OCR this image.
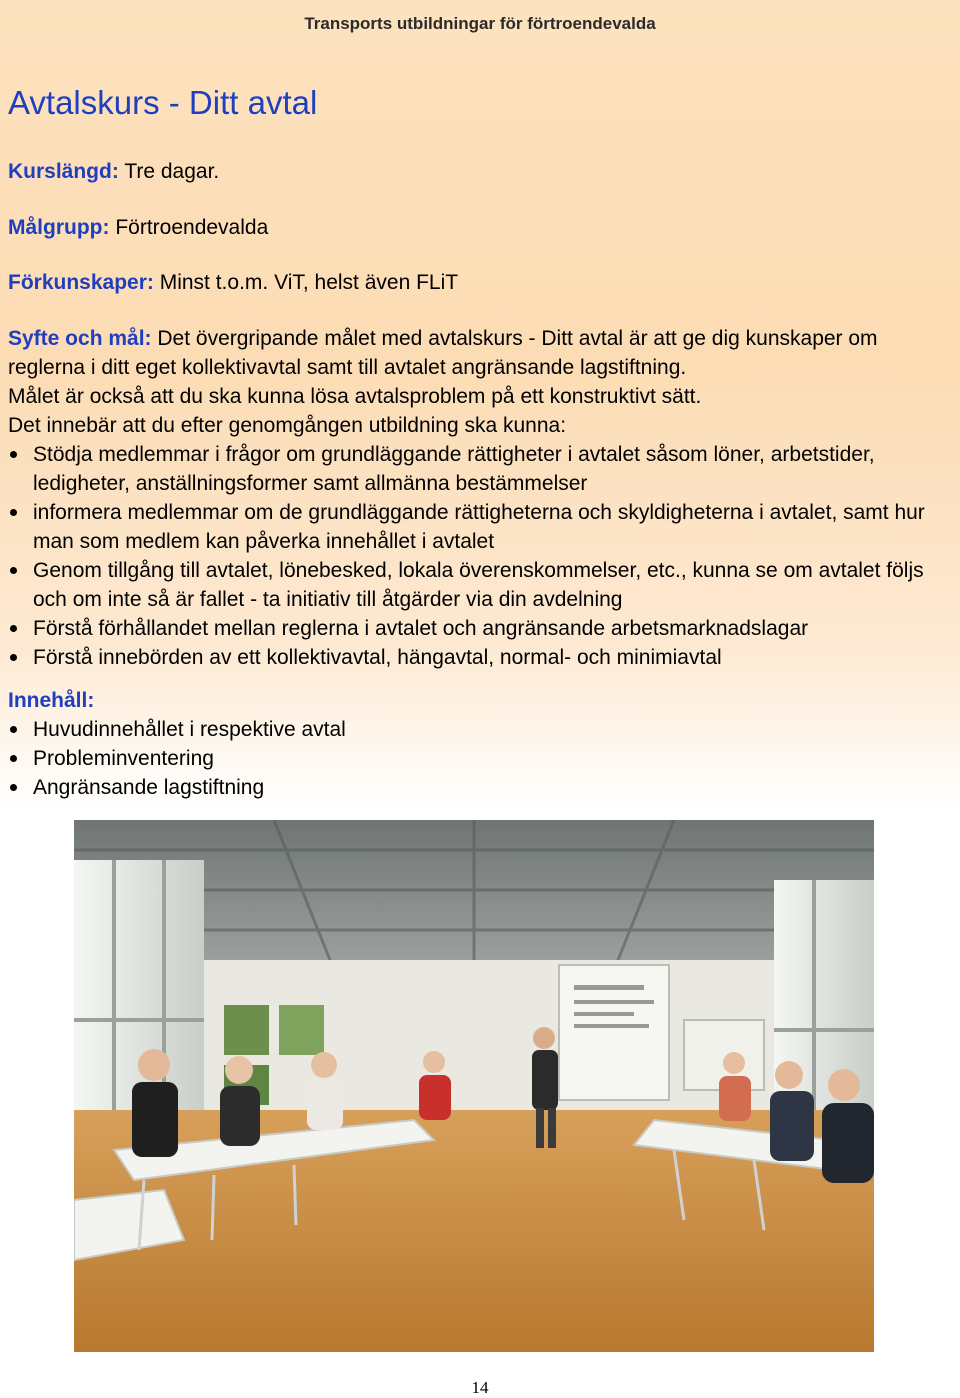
Transports utbildningar för förtroendevalda
Avtalskurs - Ditt avtal
Kurslängd: Tre dagar.
Målgrupp: Förtroendevalda
Förkunskaper: Minst t.o.m. ViT, helst även FLiT

Syfte och mål: Det övergripande målet med avtalskurs - Ditt avtal är att ge dig kunskaper om reglerna i ditt eget kollektivavtal samt till avtalet angränsande lagstiftning.

Målet är också att du ska kunna lösa avtalsproblem på ett konstruktivt sätt.

Det innebär att du efter genomgången utbildning ska kunna:

Stödja medlemmar i frågor om grundläggande rättigheter i avtalet såsom löner, arbetstider, ledigheter, anställningsformer samt allmänna bestämmelser
informera medlemmar om de grundläggande rättigheterna och skyldigheterna i avtalet, samt hur man som medlem kan påverka innehållet i avtalet
Genom tillgång till avtalet, lönebesked, lokala överenskommelser, etc., kunna se om avtalet följs och om inte så är fallet - ta initiativ till åtgärder via din avdelning
Förstå förhållandet mellan reglerna i avtalet och angränsande arbetsmarknadslagar
Förstå innebörden av ett kollektivavtal, hängavtal, normal- och minimiavtal
Innehåll:
Huvudinnehållet i respektive avtal
Probleminventering
Angränsande lagstiftning
14
